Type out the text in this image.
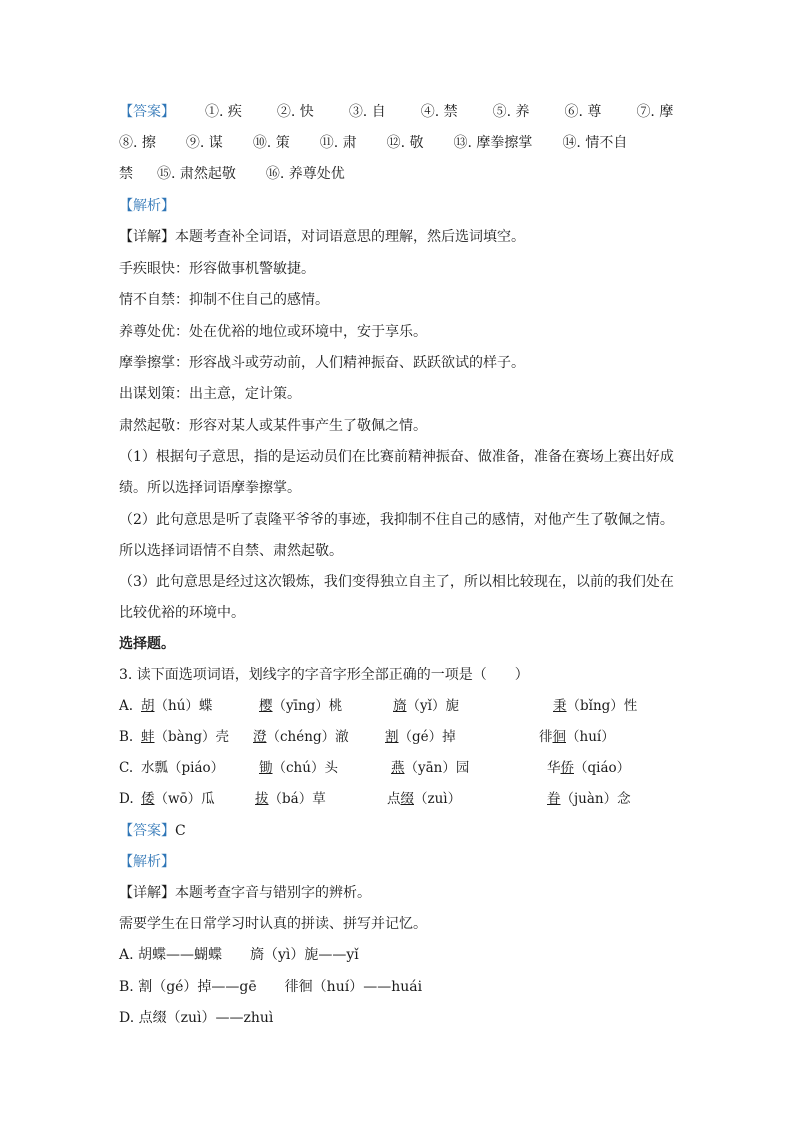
【答案】 ①. 疾	②. 快	③. 自	④. 禁	⑤. 养	⑥. 尊	⑦. 摩
⑧. 擦 ⑨. 谋 ⑩. 策 ⑪. 肃 ⑫. 敬 ⑬. 摩拳擦掌 ⑭. 情不自
禁 ⑮. 肃然起敬 ⑯. 养尊处优
【解析】
【详解】本题考查补全词语，对词语意思的理解，然后选词填空。
手疾眼快：形容做事机警敏捷。
情不自禁：抑制不住自己的感情。
养尊处优：处在优裕的地位或环境中，安于享乐。
摩拳擦掌：形容战斗或劳动前，人们精神振奋、跃跃欲试的样子。
出谋划策：出主意，定计策。
肃然起敬：形容对某人或某件事产生了敬佩之情。
（1）根据句子意思，指的是运动员们在比赛前精神振奋、做准备，准备在赛场上赛出好成
绩。所以选择词语摩拳擦掌。
（2）此句意思是听了袁隆平爷爷的事迹，我抑制不住自己的感情，对他产生了敬佩之情。
所以选择词语情不自禁、肃然起敬。
（3）此句意思是经过这次锻炼，我们变得独立自主了，所以相比较现在，以前的我们处在
比较优裕的环境中。
选择题。
3. 读下面选项词语，划线字的字音字形全部正确的一项是（　　）
A. 胡（hú）蝶	樱（yīng）桃	旖（yǐ）旎	秉（bǐng）性
B. 蚌（bàng）壳 澄（chéng）澈	割（gé）掉	徘徊（huí）
C. 水瓢（piáo）	锄（chú）头	燕（yān）园	华侨（qiáo）
D. 倭（wō）瓜	拔（bá）草	点缀（zuì）	眷（juàn）念
【答案】C
【解析】
【详解】本题考查字音与错别字的辨析。
需要学生在日常学习时认真的拼读、拼写并记忆。
A. 胡蝶——蝴蝶　　旖（yì）旎——yǐ
B. 割（gé）掉——gē　　徘徊（huí）——huái
D. 点缀（zuì）——zhuì
